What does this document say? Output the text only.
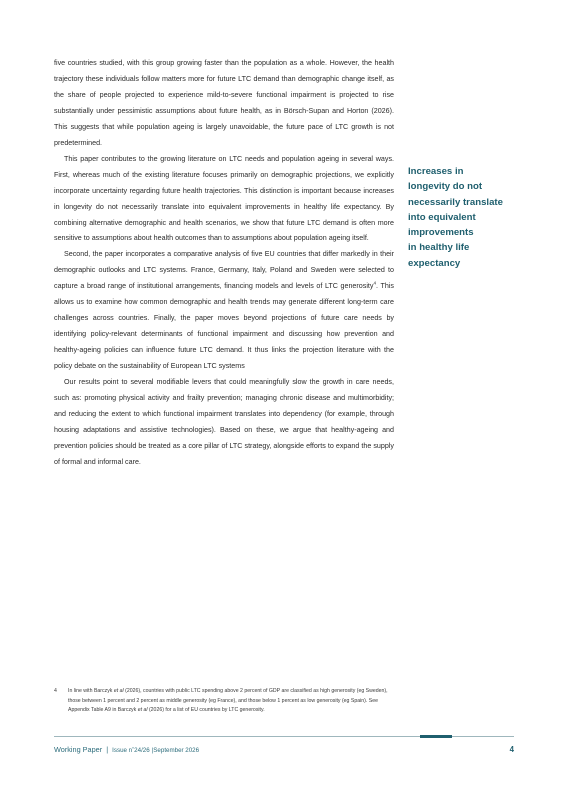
five countries studied, with this group growing faster than the population as a whole. However, the health trajectory these individuals follow matters more for future LTC demand than demographic change itself, as the share of people projected to experience mild-to-severe functional impairment is projected to rise substantially under pessimistic assumptions about future health, as in Börsch-Supan and Horton (2026). This suggests that while population ageing is largely unavoidable, the future pace of LTC growth is not predetermined.

This paper contributes to the growing literature on LTC needs and population ageing in several ways. First, whereas much of the existing literature focuses primarily on demographic projections, we explicitly incorporate uncertainty regarding future health trajectories. This distinction is important because increases in longevity do not necessarily translate into equivalent improvements in healthy life expectancy. By combining alternative demographic and health scenarios, we show that future LTC demand is often more sensitive to assumptions about health outcomes than to assumptions about population ageing itself.

Second, the paper incorporates a comparative analysis of five EU countries that differ markedly in their demographic outlooks and LTC systems. France, Germany, Italy, Poland and Sweden were selected to capture a broad range of institutional arrangements, financing models and levels of LTC generosity$^4$. This allows us to examine how common demographic and health trends may generate different long-term care challenges across countries. Finally, the paper moves beyond projections of future care needs by identifying policy-relevant determinants of functional impairment and discussing how prevention and healthy-ageing policies can influence future LTC demand. It thus links the projection literature with the policy debate on the sustainability of European LTC systems

Our results point to several modifiable levers that could meaningfully slow the growth in care needs, such as: promoting physical activity and frailty prevention; managing chronic disease and multimorbidity; and reducing the extent to which functional impairment translates into dependency (for example, through housing adaptations and assistive technologies). Based on these, we argue that healthy-ageing and prevention policies should be treated as a core pillar of LTC strategy, alongside efforts to expand the supply of formal and informal care.

Increases in
longevity do not
necessarily translate
into equivalent
improvements
in healthy life
expectancy
4 In line with Barczyk et al (2026), countries with public LTC spending above 2 percent of GDP are classified as high generosity (eg Sweden), those between 1 percent and 2 percent as middle generosity (eg France), and those below 1 percent as low generosity (eg Spain). See Appendix Table A9 in Barczyk et al (2026) for a list of EU countries by LTC generosity.
Working Paper | Issue n˚24/26 |September 2026	4
